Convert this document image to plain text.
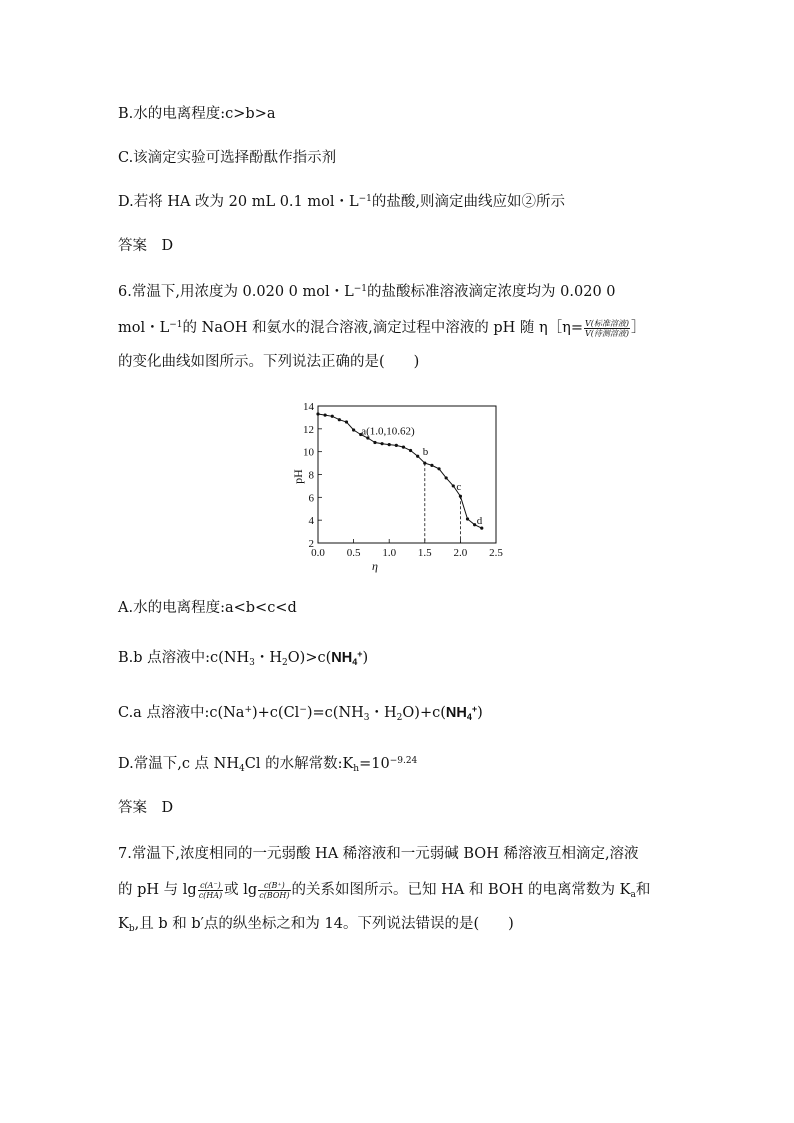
B.水的电离程度:c>b>a
C.该滴定实验可选择酚酞作指示剂
D.若将 HA 改为 20 mL 0.1 mol・$L^{-1}$的盐酸,则滴定曲线应如②所示
答案　D
6.常温下,用浓度为 0.020 0 mol・$L^{-1}$的盐酸标准溶液滴定浓度均为 0.020 0
mol・$L^{-1}$的 NaOH 和氨水的混合溶液,滴定过程中溶液的 pH 随 η［η= $\frac{\text{V(标准溶液)}}{\text{V(待测溶液)}}$ ］
的变化曲线如图所示。下列说法正确的是(　　)
2
4
6
8
10
12
14
0.0 0.5 1.0 1.5 2.0 2.5
η
pH
a(1.0,10.62)
b
c
d
A.水的电离程度:a<b<c<d
B.b 点溶液中$:c(NH_3$・$H_2O)>c(NH_4^+)$
C.a 点溶液中$:c(Na^+)+c(Cl^-)=c(NH_3$・$H_2O)+c(NH_4^+)$
D.常温下,c 点 $NH_4Cl$ 的水解常数$:K_h=10^{-9.24}$
答案　D
7.常温下,浓度相同的一元弱酸 HA 稀溶液和一元弱碱 BOH 稀溶液互相滴定,溶液
的 pH 与 $\lg \frac{c(A^-)}{c(HA)}$ 或 $\lg \frac{c(B^+)}{\text{c(BOH)}}$ 的关系如图所示。已知 HA 和 BOH 的电离常数为 $K_a$和
$K_b$,且 b 和 b′点的纵坐标之和为 14。下列说法错误的是(　　)
